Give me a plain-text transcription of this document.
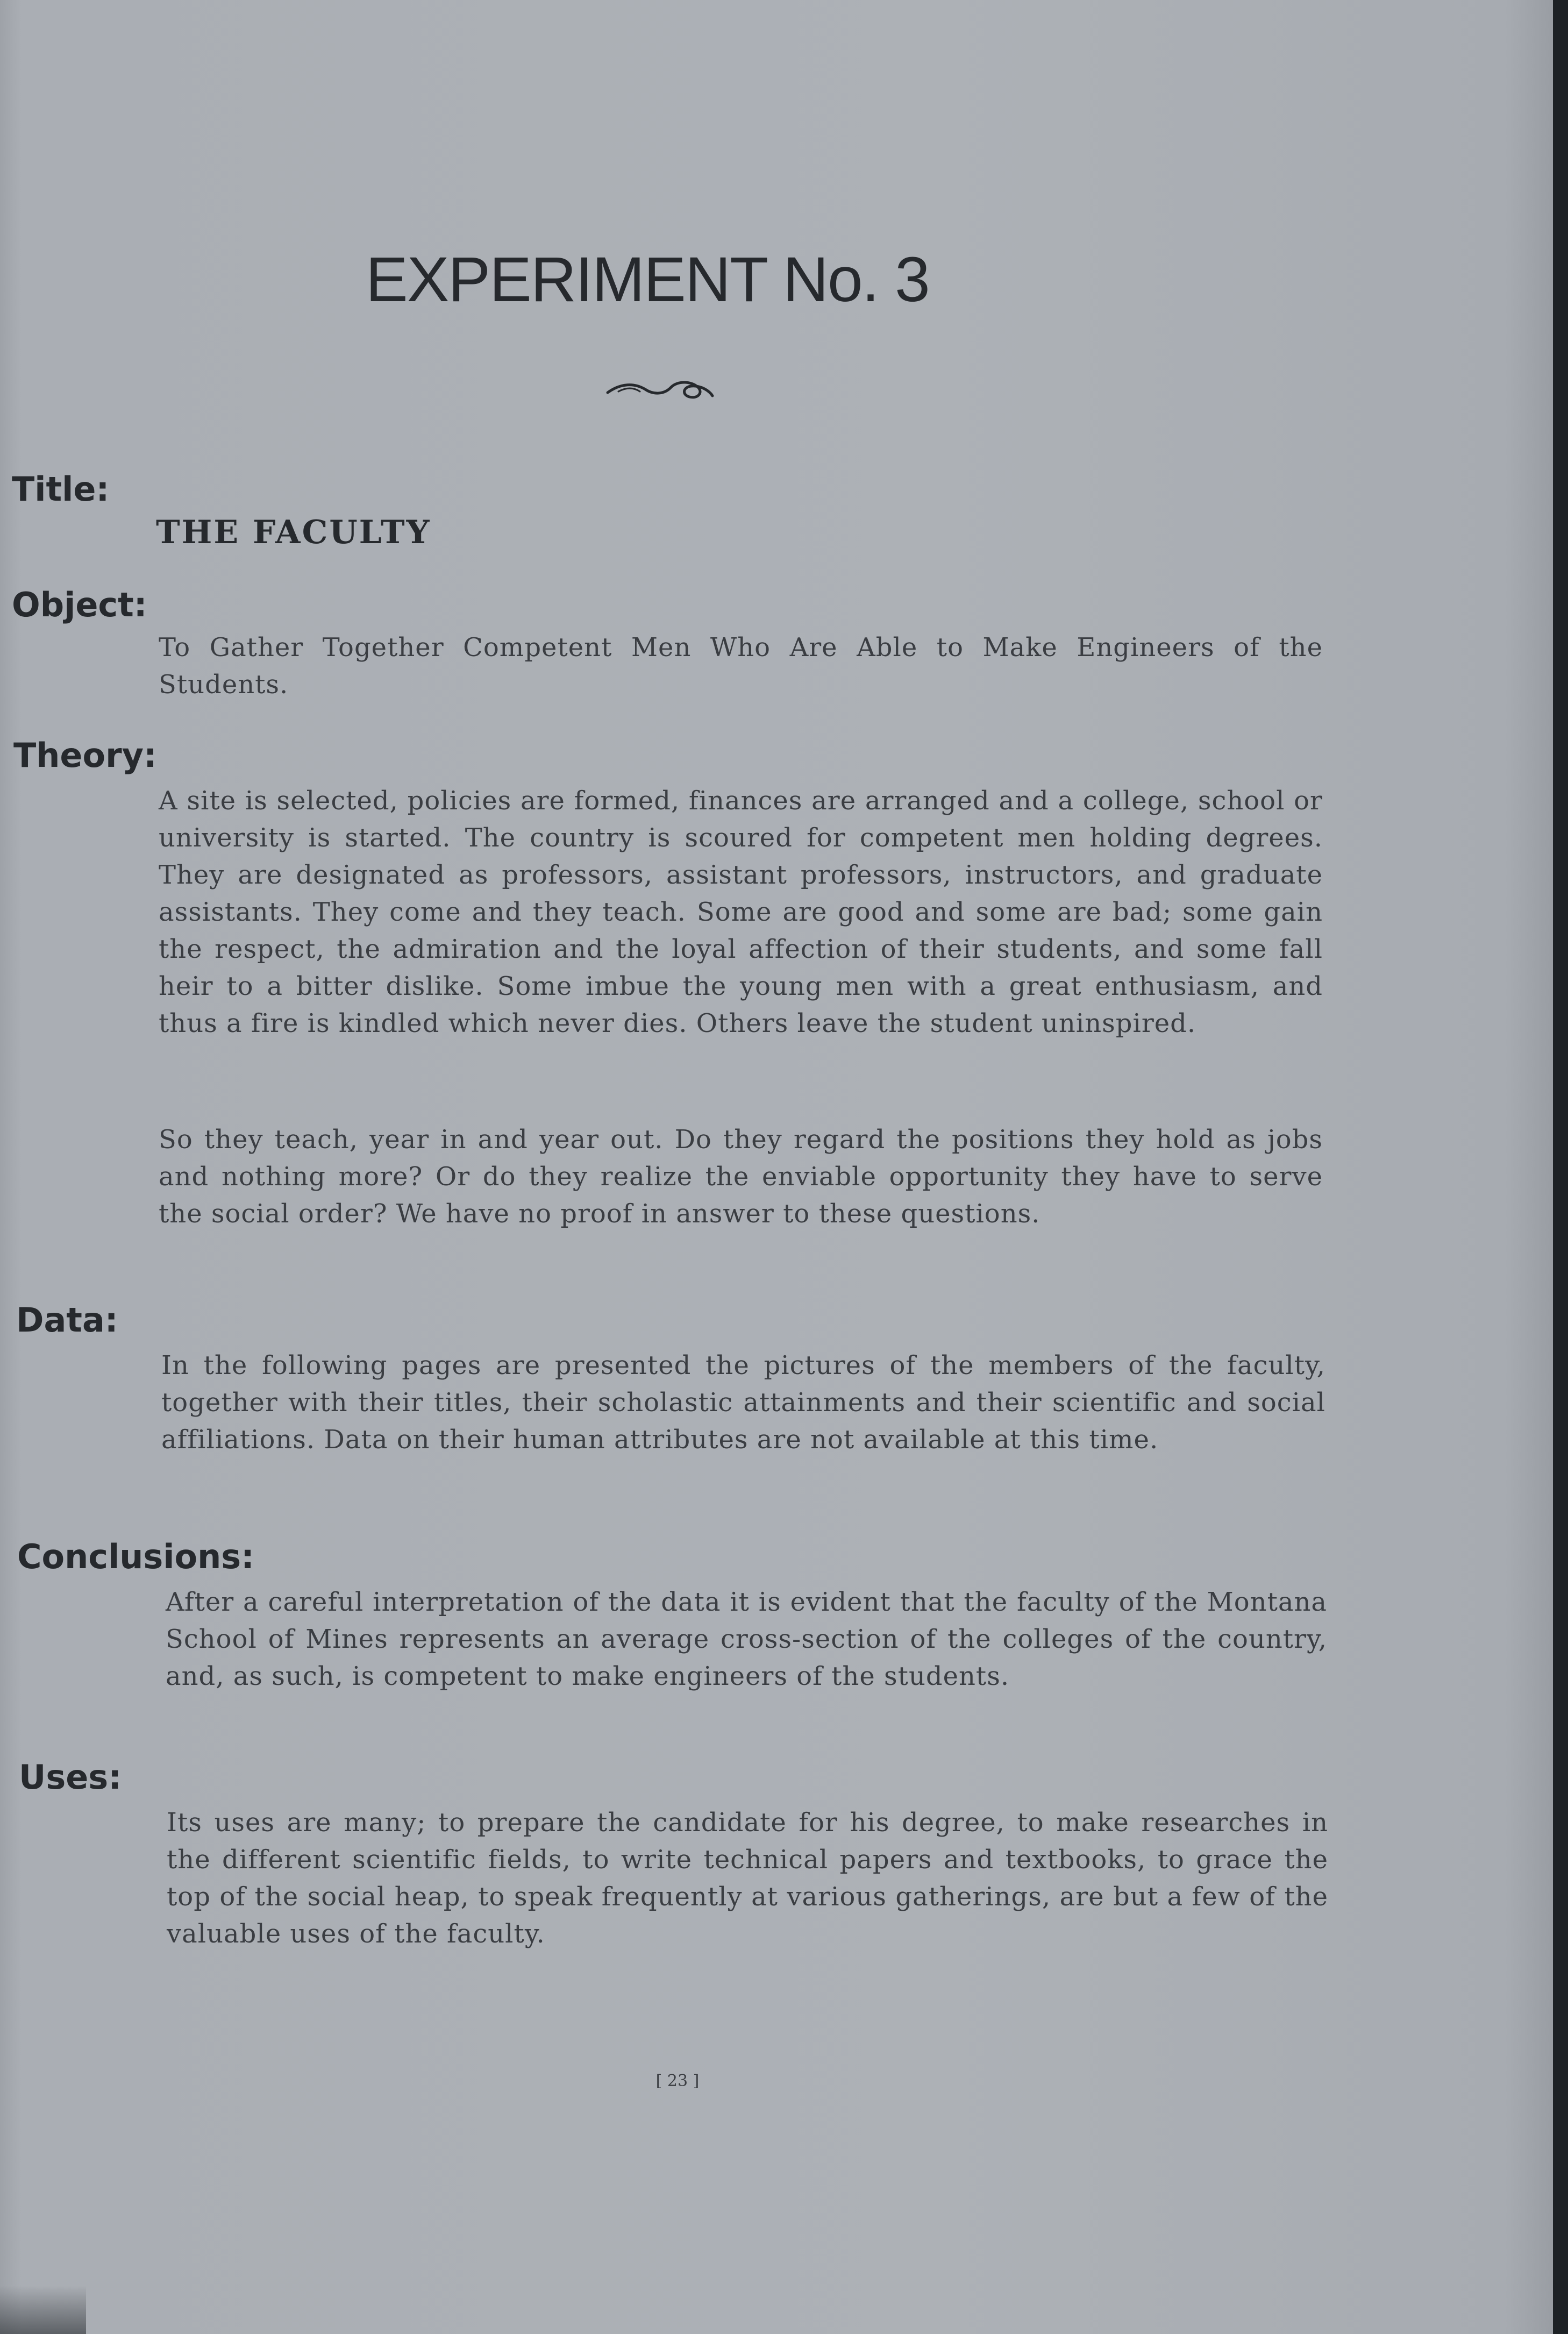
EXPERIMENT No. 3

Title:

THE FACULTY

Object:

To Gather Together Competent Men Who Are Able to Make Engineers of the Students.

Theory:

A site is selected, policies are formed, finances are arranged and a college, school or university is started. The country is scoured for competent men holding degrees. They are designated as professors, assistant professors, instructors, and graduate assistants. They come and they teach. Some are good and some are bad; some gain the respect, the admiration and the loyal affection of their students, and some fall heir to a bitter dislike. Some imbue the young men with a great enthusiasm, and thus a fire is kindled which never dies. Others leave the student uninspired.

So they teach, year in and year out. Do they regard the positions they hold as jobs and nothing more? Or do they realize the enviable opportunity they have to serve the social order? We have no proof in answer to these questions.

Data:

In the following pages are presented the pictures of the members of the faculty, together with their titles, their scholastic attainments and their scientific and social affiliations. Data on their human attributes are not available at this time.

Conclusions:

After a careful interpretation of the data it is evident that the faculty of the Montana School of Mines represents an average cross-section of the colleges of the country, and, as such, is competent to make engineers of the students.

Uses:

Its uses are many; to prepare the candidate for his degree, to make researches in the different scientific fields, to write technical papers and textbooks, to grace the top of the social heap, to speak frequently at various gatherings, are but a few of the valuable uses of the faculty.

[ 23 ]
